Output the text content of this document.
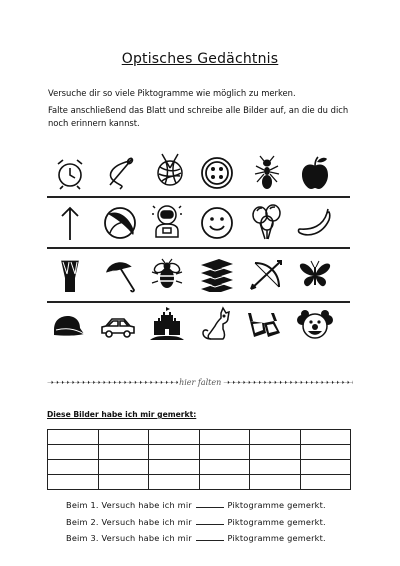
Optisches Gedächtnis
Versuche dir so viele Piktogramme wie möglich zu merken.
Falte anschließend das Blatt und schreibe alle Bilder auf, an die du dich noch erinnern kannst.
➝➝➝➝➝➝➝➝➝➝➝➝➝➝➝➝➝➝➝➝➝➝➝➝➝ hier falten ➝➝➝➝➝➝➝➝➝➝➝➝➝➝➝➝➝➝➝➝➝➝➝➝➝
Diese Bilder habe ich mir gemerkt:

Beim 1. Versuch habe ich mir	Piktogramme gemerkt.
Beim 2. Versuch habe ich mir	Piktogramme gemerkt.
Beim 3. Versuch habe ich mir	Piktogramme gemerkt.
